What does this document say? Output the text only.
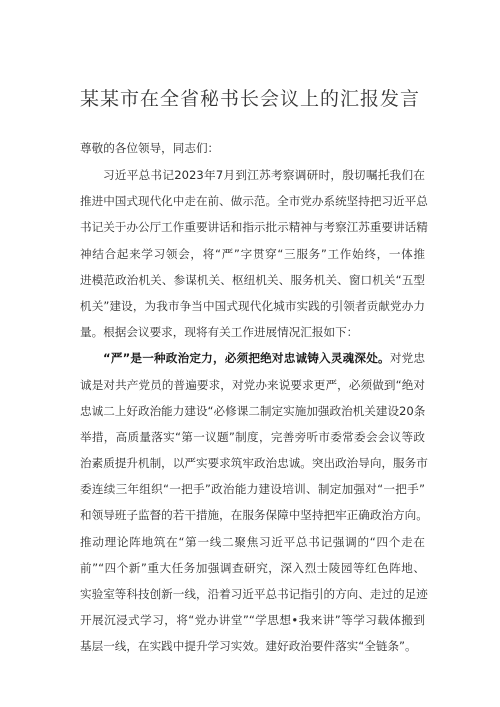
某某市在全省秘书长会议上的汇报发言
尊敬的各位领导，同志们：
习近平总书记2023年7月到江苏考察调研时，殷切嘱托我们在
推进中国式现代化中走在前、做示范。全市党办系统坚持把习近平总
书记关于办公厅工作重要讲话和指示批示精神与考察江苏重要讲话精
神结合起来学习领会，将“严”字贯穿“三服务”工作始终，一体推
进模范政治机关、参谋机关、枢纽机关、服务机关、窗口机关“五型
机关”建设，为我市争当中国式现代化城市实践的引领者贡献党办力
量。根据会议要求，现将有关工作进展情况汇报如下：
“严”是一种政治定力，必须把绝对忠诚铸入灵魂深处。对党忠
诚是对共产党员的普遍要求，对党办来说要求更严，必须做到“绝对
忠诚二上好政治能力建设“必修课二制定实施加强政治机关建设20条
举措，高质量落实“第一议题”制度，完善旁听市委常委会会议等政
治素质提升机制，以严实要求筑牢政治忠诚。突出政治导向，服务市
委连续三年组织“一把手”政治能力建设培训、制定加强对“一把手”
和领导班子监督的若干措施，在服务保障中坚持把牢正确政治方向。
推动理论阵地筑在“第一线二聚焦习近平总书记强调的“四个走在
前”“四个新”重大任务加强调查研究，深入烈士陵园等红色阵地、
实验室等科技创新一线，沿着习近平总书记指引的方向、走过的足迹
开展沉浸式学习，将“党办讲堂”“学思想•我来讲”等学习载体搬到
基层一线，在实践中提升学习实效。建好政治要件落实“全链条”。
